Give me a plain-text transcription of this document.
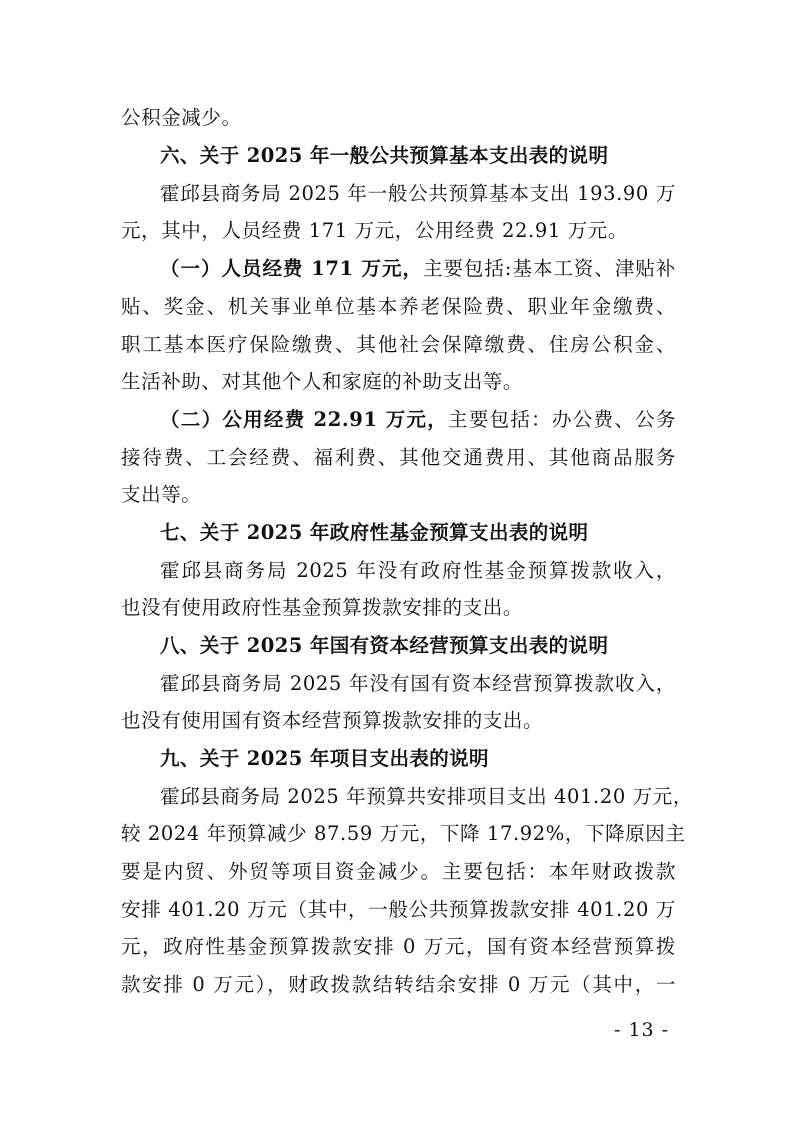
公积金减少。
六、关于 2025 年一般公共预算基本支出表的说明
霍邱县商务局 2025 年一般公共预算基本支出 193.90 万
元，其中，人员经费 171 万元，公用经费 22.91 万元。
（一）人员经费 171 万元，主要包括:基本工资、津贴补
贴、奖金、机关事业单位基本养老保险费、职业年金缴费、
职工基本医疗保险缴费、其他社会保障缴费、住房公积金、
生活补助、对其他个人和家庭的补助支出等。
（二）公用经费 22.91 万元，主要包括：办公费、公务
接待费、工会经费、福利费、其他交通费用、其他商品服务
支出等。
七、关于 2025 年政府性基金预算支出表的说明
霍邱县商务局 2025 年没有政府性基金预算拨款收入，
也没有使用政府性基金预算拨款安排的支出。
八、关于 2025 年国有资本经营预算支出表的说明
霍邱县商务局 2025 年没有国有资本经营预算拨款收入，
也没有使用国有资本经营预算拨款安排的支出。
九、关于 2025 年项目支出表的说明
霍邱县商务局 2025 年预算共安排项目支出 401.20 万元，
较 2024 年预算减少 87.59 万元，下降 17.92%，下降原因主
要是内贸、外贸等项目资金减少。主要包括：本年财政拨款
安排 401.20 万元（其中，一般公共预算拨款安排 401.20 万
元，政府性基金预算拨款安排 0 万元，国有资本经营预算拨
款安排 0 万元），财政拨款结转结余安排 0 万元（其中，一
- 13 -
